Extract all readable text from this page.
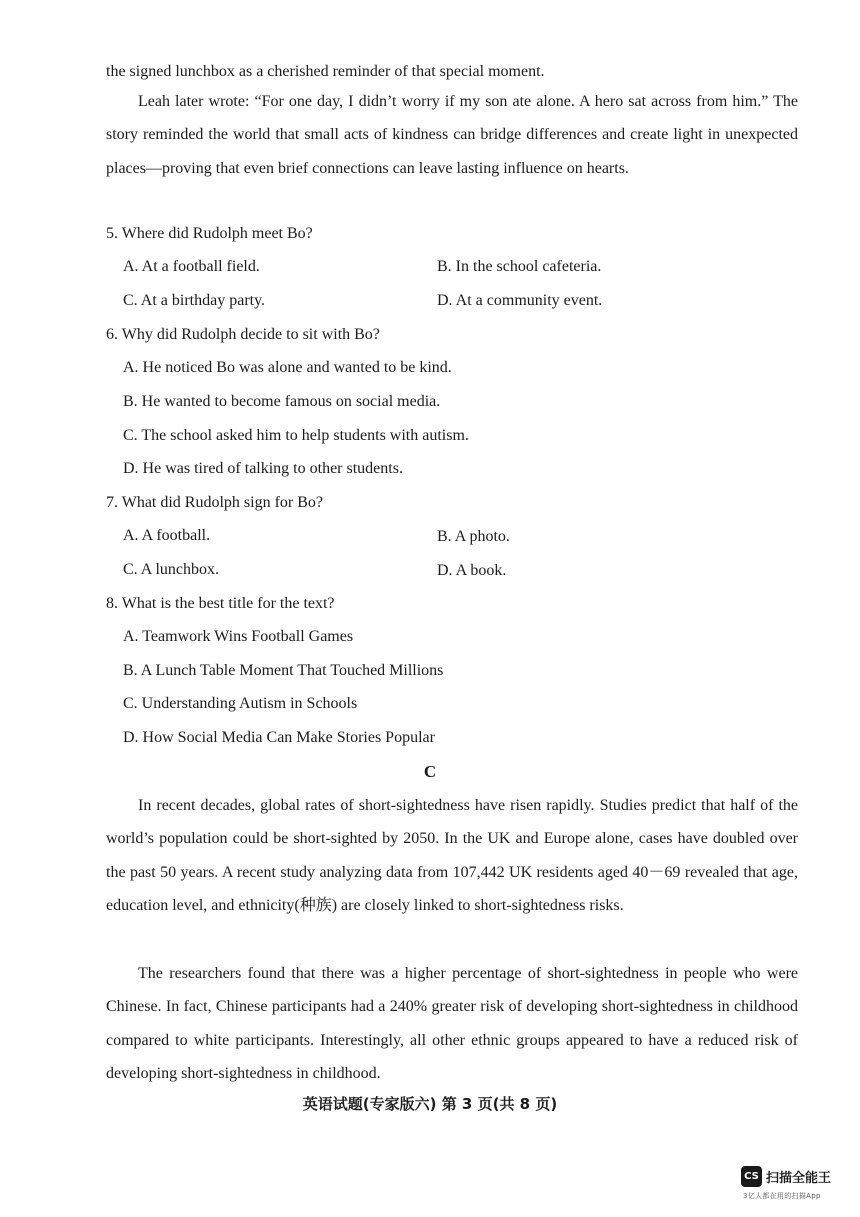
the signed lunchbox as a cherished reminder of that special moment.

Leah later wrote: “For one day, I didn’t worry if my son ate alone. A hero sat across from him.” The story reminded the world that small acts of kindness can bridge differences and create light in unexpected places—proving that even brief connections can leave lasting influence on hearts.

5. Where did Rudolph meet Bo?
A. At a football field.	B. In the school cafeteria.
C. At a birthday party.	D. At a community event.
6. Why did Rudolph decide to sit with Bo?
A. He noticed Bo was alone and wanted to be kind.
B. He wanted to become famous on social media.
C. The school asked him to help students with autism.
D. He was tired of talking to other students.
7. What did Rudolph sign for Bo?
A. A football.	B. A photo.
C. A lunchbox.	D. A book.
8. What is the best title for the text?
A. Teamwork Wins Football Games
B. A Lunch Table Moment That Touched Millions
C. Understanding Autism in Schools
D. How Social Media Can Make Stories Popular
C

In recent decades, global rates of short-sightedness have risen rapidly. Studies predict that half of the world’s population could be short-sighted by 2050. In the UK and Europe alone, cases have doubled over the past 50 years. A recent study analyzing data from 107,442 UK residents aged 40－69 revealed that age, education level, and ethnicity(种族) are closely linked to short-sightedness risks.

The researchers found that there was a higher percentage of short-sightedness in people who were Chinese. In fact, Chinese participants had a 240% greater risk of developing short-sightedness in childhood compared to white participants. Interestingly, all other ethnic groups appeared to have a reduced risk of developing short-sightedness in childhood.

英语试题(专家版六) 第 3 页(共 8 页)
CS 扫描全能王
3亿人都在用的扫描App
